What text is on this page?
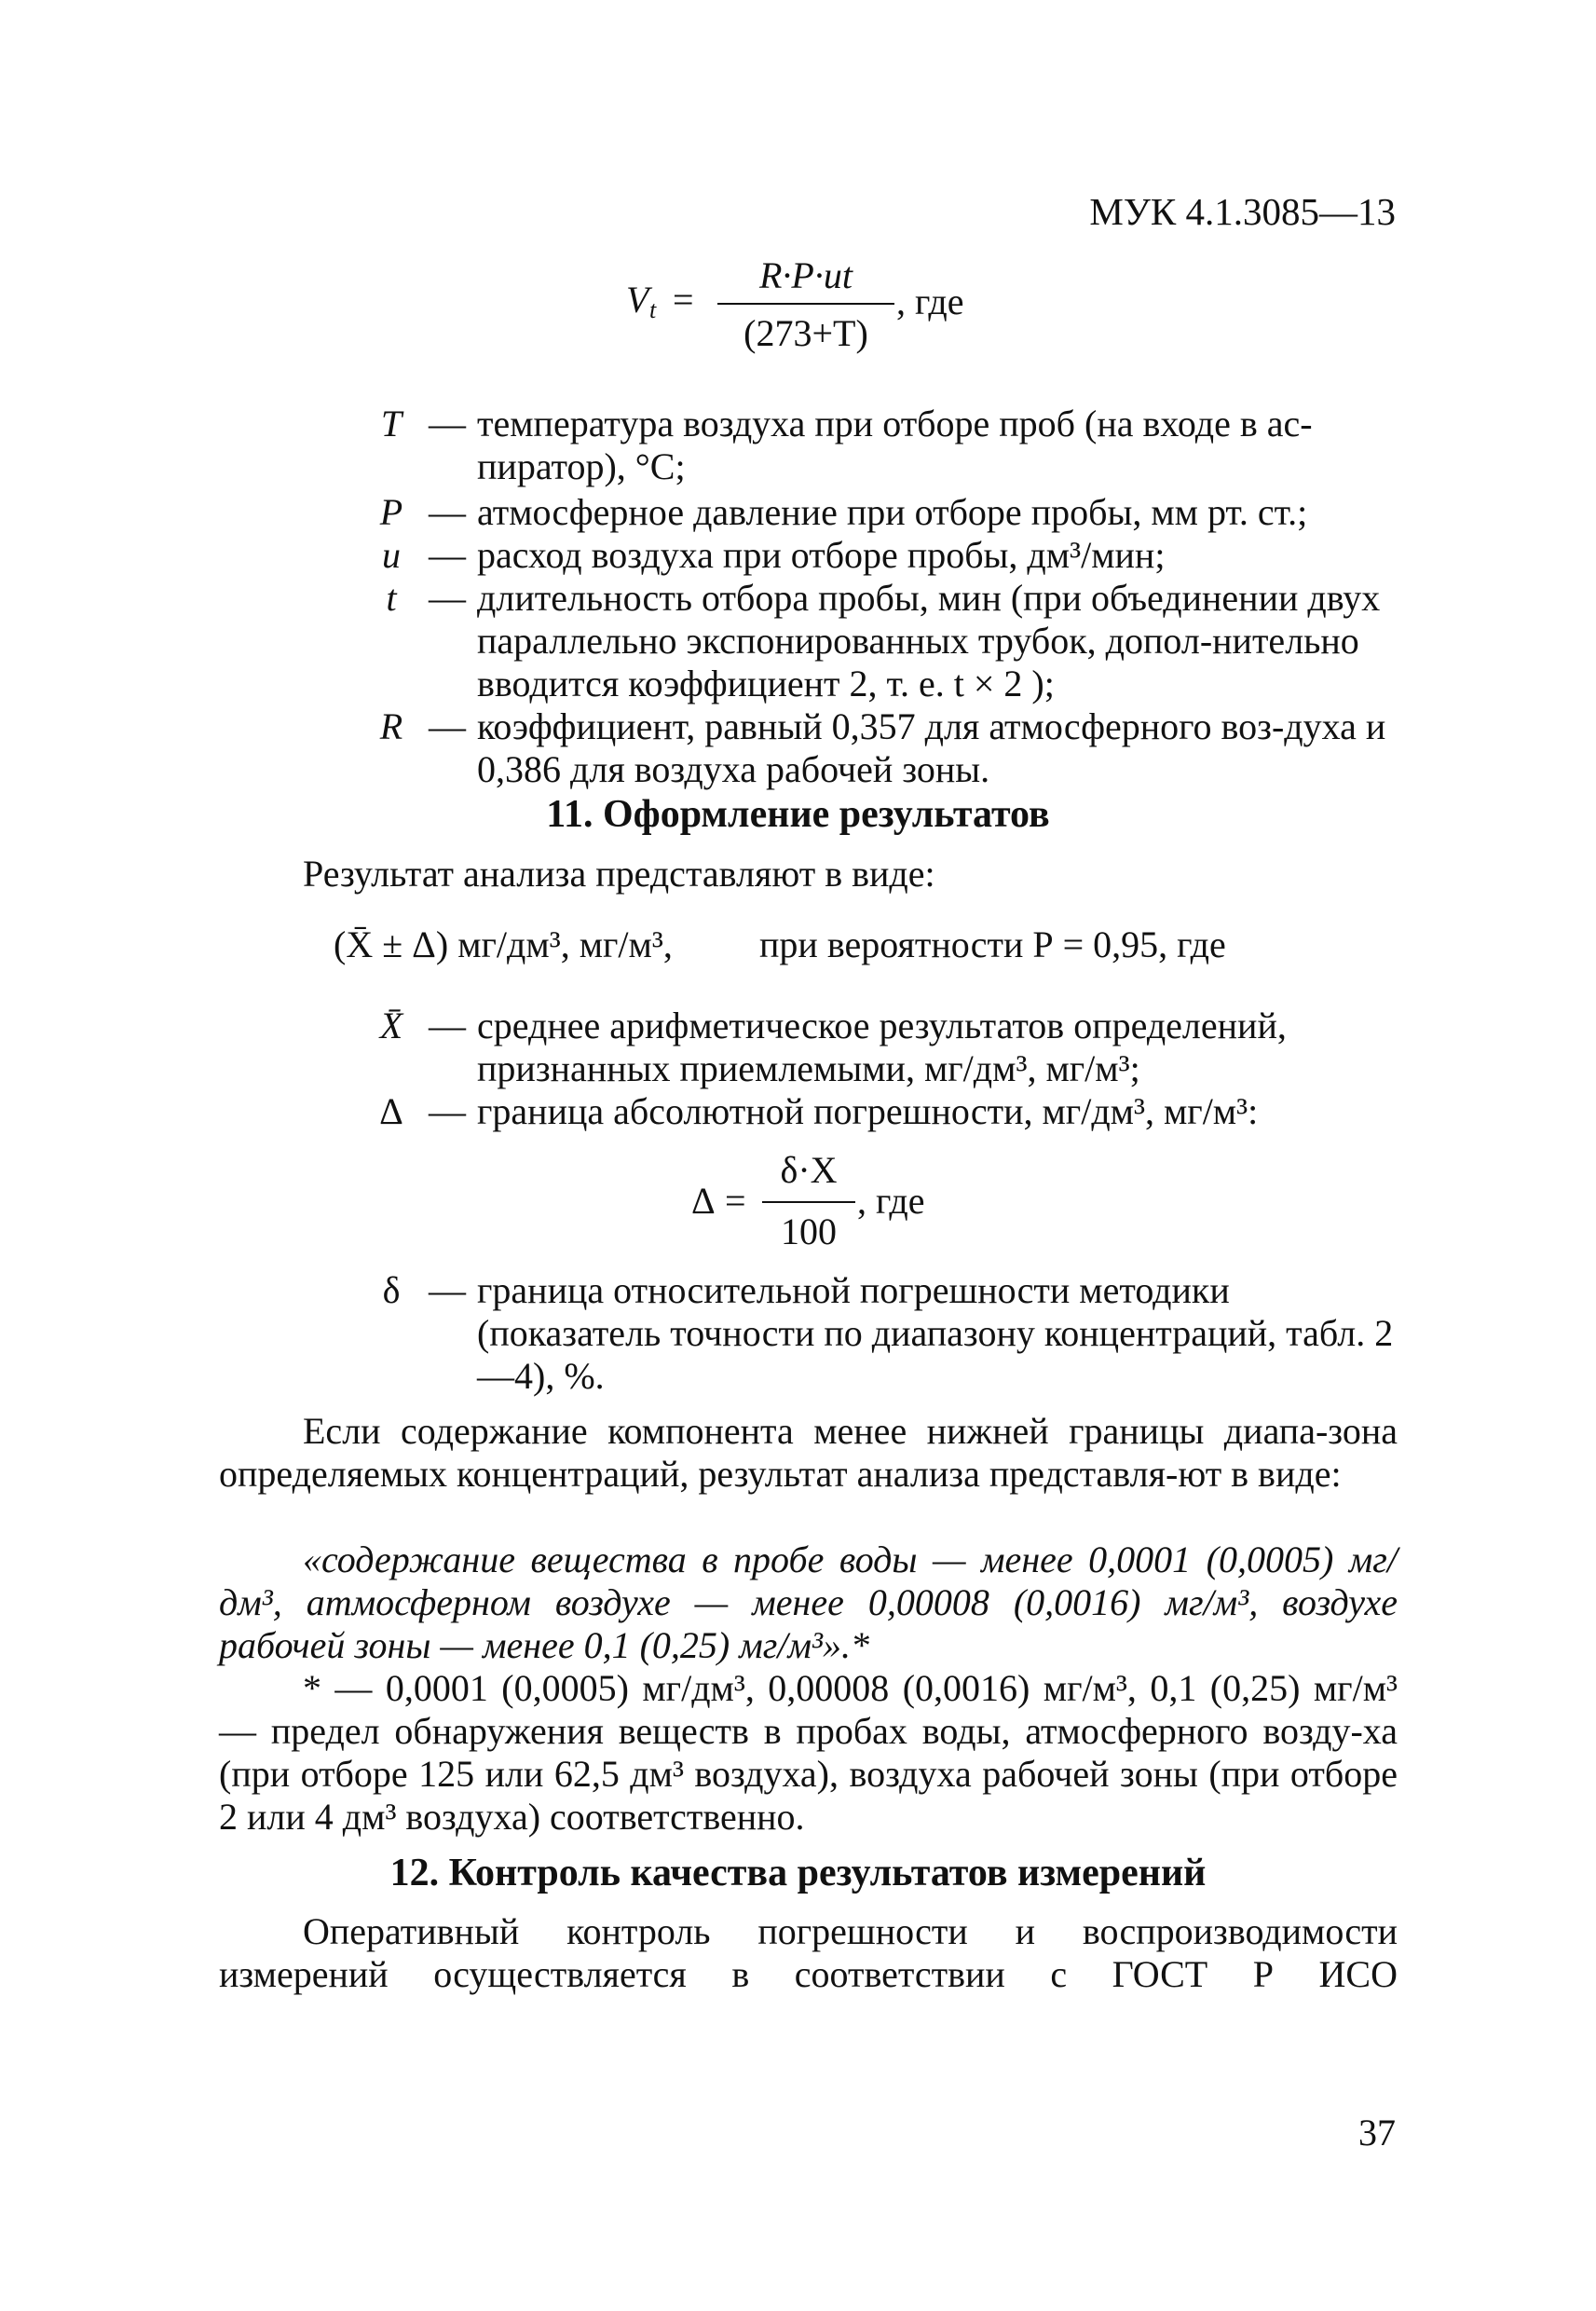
МУК 4.1.3085—13
V t =
R·P·ut
(273+T)
, где
T — температура воздуха при отборе проб (на входе в ас-пиратор), °С;
P — атмосферное давление при отборе пробы, мм рт. ст.;
u — расход воздуха при отборе пробы, дм³/мин;
t — длительность отбора пробы, мин (при объединении двух параллельно экспонированных трубок, допол-нительно вводится коэффициент 2, т. е. t × 2 );
R — коэффициент, равный 0,357 для атмосферного воз-духа и 0,386 для воздуха рабочей зоны.
11. Оформление результатов
Результат анализа представляют в виде:
(X̄ ± Δ) мг/дм³, мг/м³, при вероятности Р = 0,95, где
X̄ — среднее арифметическое результатов определений, признанных приемлемыми, мг/дм³, мг/м³;
Δ — граница абсолютной погрешности, мг/дм³, мг/м³:
Δ =
δ·X
100
, где
δ — граница относительной погрешности методики (показатель точности по диапазону концентраций, табл. 2—4), %.
Если содержание компонента менее нижней границы диапа-зона определяемых концентраций, результат анализа представля-ют в виде:
«содержание вещества в пробе воды — менее 0,0001 (0,0005) мг/дм³, атмосферном воздухе — менее 0,00008 (0,0016) мг/м³, воздухе рабочей зоны — менее 0,1 (0,25) мг/м³».*
* — 0,0001 (0,0005) мг/дм³, 0,00008 (0,0016) мг/м³, 0,1 (0,25) мг/м³ — предел обнаружения веществ в пробах воды, атмосферного возду-ха (при отборе 125 или 62,5 дм³ воздуха), воздуха рабочей зоны (при отборе 2 или 4 дм³ воздуха) соответственно.
12. Контроль качества результатов измерений
Оперативный контроль погрешности и воспроизводимости измерений осуществляется в соответствии с ГОСТ Р ИСО
37
